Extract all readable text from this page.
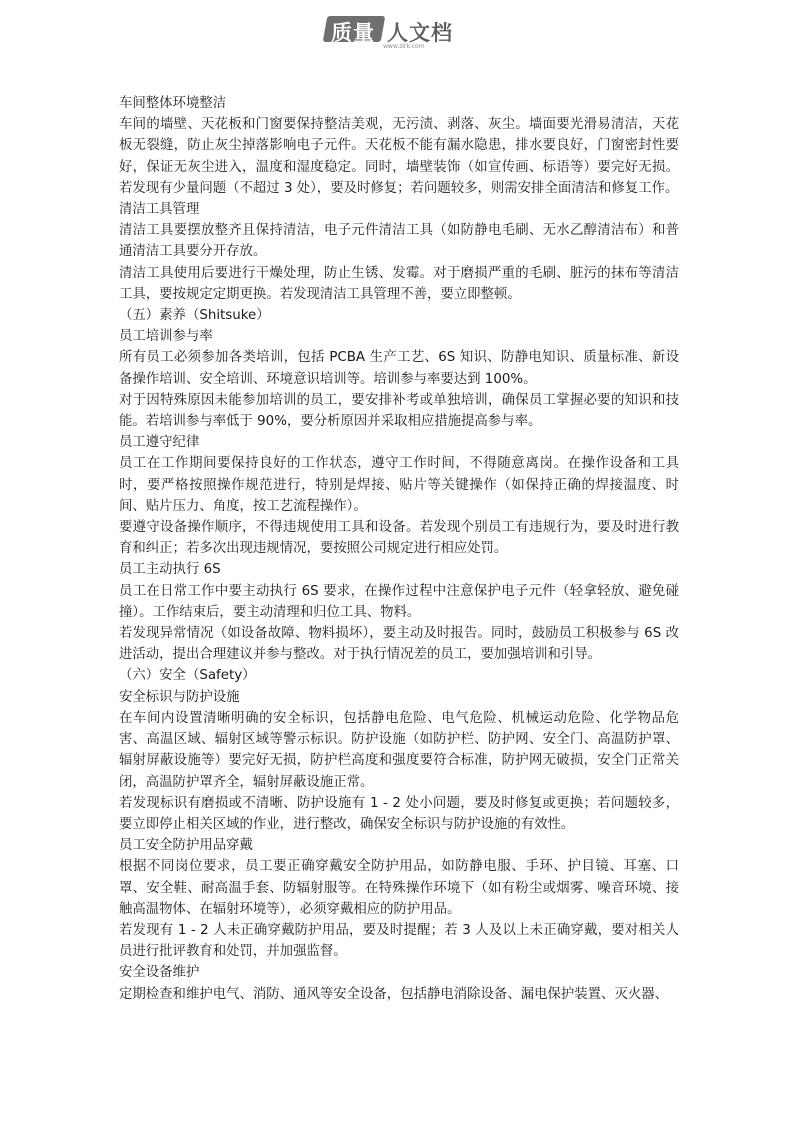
质量 人文档
www.zlrk.com

车间整体环境整洁

车间的墙壁、天花板和门窗要保持整洁美观，无污渍、剥落、灰尘。墙面要光滑易清洁，天花板无裂缝，防止灰尘掉落影响电子元件。天花板不能有漏水隐患，排水要良好，门窗密封性要好，保证无灰尘进入，温度和湿度稳定。同时，墙壁装饰（如宣传画、标语等）要完好无损。若发现有少量问题（不超过 3 处），要及时修复；若问题较多，则需安排全面清洁和修复工作。

清洁工具管理

清洁工具要摆放整齐且保持清洁，电子元件清洁工具（如防静电毛刷、无水乙醇清洁布）和普通清洁工具要分开存放。

清洁工具使用后要进行干燥处理，防止生锈、发霉。对于磨损严重的毛刷、脏污的抹布等清洁工具，要按规定定期更换。若发现清洁工具管理不善，要立即整顿。

（五）素养（Shitsuke）

员工培训参与率

所有员工必须参加各类培训，包括 PCBA 生产工艺、6S 知识、防静电知识、质量标准、新设备操作培训、安全培训、环境意识培训等。培训参与率要达到 100%。

对于因特殊原因未能参加培训的员工，要安排补考或单独培训，确保员工掌握必要的知识和技能。若培训参与率低于 90%，要分析原因并采取相应措施提高参与率。

员工遵守纪律

员工在工作期间要保持良好的工作状态，遵守工作时间，不得随意离岗。在操作设备和工具时，要严格按照操作规范进行，特别是焊接、贴片等关键操作（如保持正确的焊接温度、时间、贴片压力、角度，按工艺流程操作）。

要遵守设备操作顺序，不得违规使用工具和设备。若发现个别员工有违规行为，要及时进行教育和纠正；若多次出现违规情况，要按照公司规定进行相应处罚。

员工主动执行 6S

员工在日常工作中要主动执行 6S 要求，在操作过程中注意保护电子元件（轻拿轻放、避免碰撞）。工作结束后，要主动清理和归位工具、物料。

若发现异常情况（如设备故障、物料损坏），要主动及时报告。同时，鼓励员工积极参与 6S 改进活动，提出合理建议并参与整改。对于执行情况差的员工，要加强培训和引导。

（六）安全（Safety）

安全标识与防护设施

在车间内设置清晰明确的安全标识，包括静电危险、电气危险、机械运动危险、化学物品危害、高温区域、辐射区域等警示标识。防护设施（如防护栏、防护网、安全门、高温防护罩、辐射屏蔽设施等）要完好无损，防护栏高度和强度要符合标准，防护网无破损，安全门正常关闭，高温防护罩齐全，辐射屏蔽设施正常。

若发现标识有磨损或不清晰、防护设施有 1 - 2 处小问题，要及时修复或更换；若问题较多，要立即停止相关区域的作业，进行整改，确保安全标识与防护设施的有效性。

员工安全防护用品穿戴

根据不同岗位要求，员工要正确穿戴安全防护用品，如防静电服、手环、护目镜、耳塞、口罩、安全鞋、耐高温手套、防辐射服等。在特殊操作环境下（如有粉尘或烟雾、噪音环境、接触高温物体、在辐射环境等），必须穿戴相应的防护用品。

若发现有 1 - 2 人未正确穿戴防护用品，要及时提醒；若 3 人及以上未正确穿戴，要对相关人员进行批评教育和处罚，并加强监督。

安全设备维护

定期检查和维护电气、消防、通风等安全设备，包括静电消除设备、漏电保护装置、灭火器、
